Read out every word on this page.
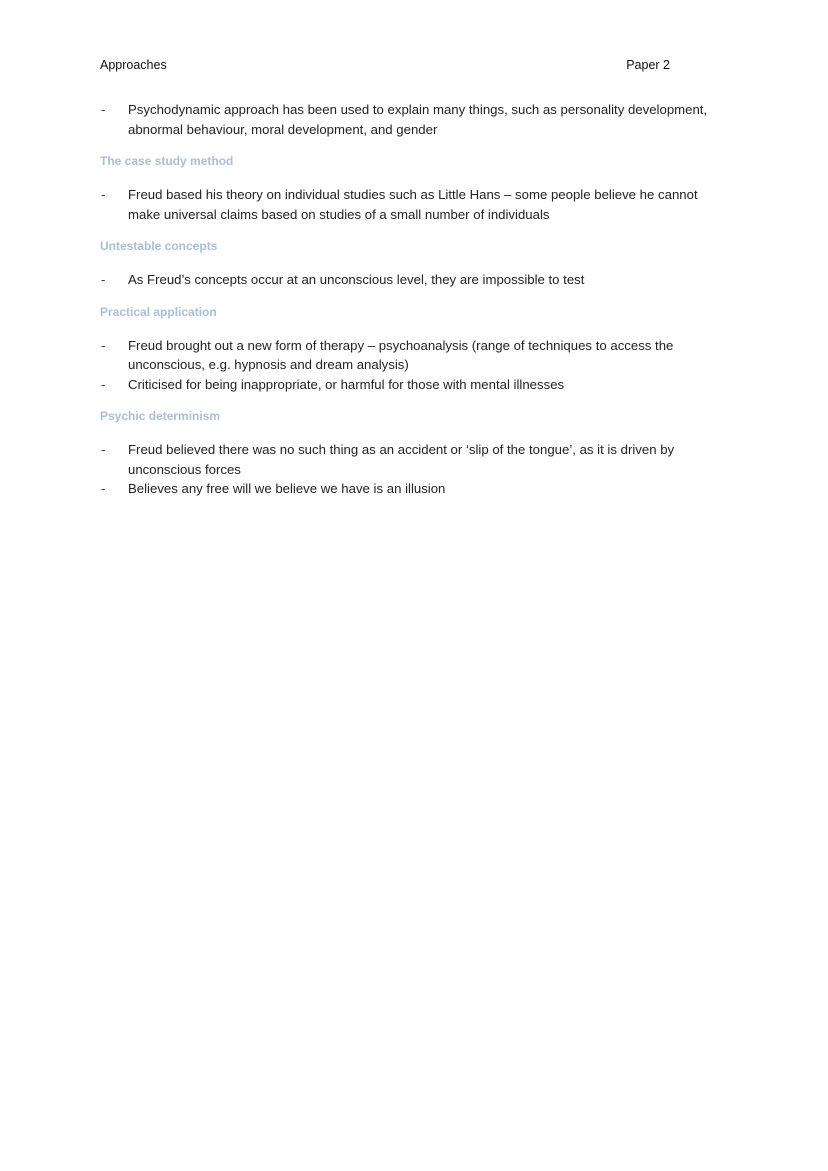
Approaches	Paper 2
-	Psychodynamic approach has been used to explain many things, such as personality development, abnormal behaviour, moral development, and gender
The case study method
-	Freud based his theory on individual studies such as Little Hans – some people believe he cannot make universal claims based on studies of a small number of individuals
Untestable concepts
-	As Freud’s concepts occur at an unconscious level, they are impossible to test
Practical application
-	Freud brought out a new form of therapy – psychoanalysis (range of techniques to access the unconscious, e.g. hypnosis and dream analysis)
-	Criticised for being inappropriate, or harmful for those with mental illnesses
Psychic determinism
-	Freud believed there was no such thing as an accident or ‘slip of the tongue’, as it is driven by unconscious forces
-	Believes any free will we believe we have is an illusion
